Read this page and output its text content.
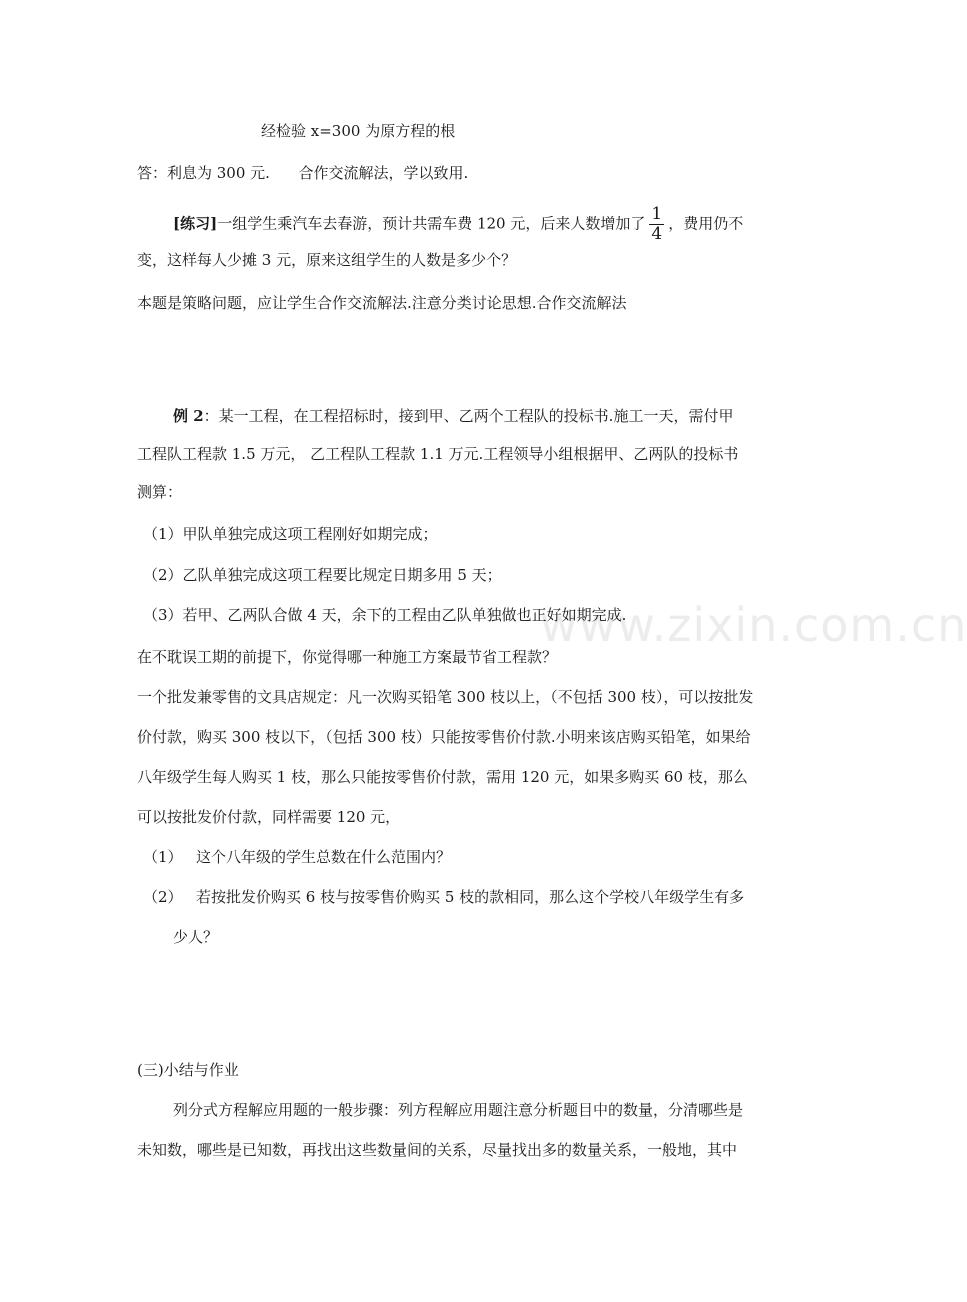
www.zixin.com.cn
经检验 x=300 为原方程的根
答：利息为 300 元.      合作交流解法，学以致用.
[练习]一组学生乘汽车去春游，预计共需车费 120 元，后来人数增加了 $\frac{1}{4}$ ，费用仍不
变，这样每人少摊 3 元，原来这组学生的人数是多少个？
本题是策略问题，应让学生合作交流解法.注意分类讨论思想.合作交流解法
例 2：某一工程，在工程招标时，接到甲、乙两个工程队的投标书.施工一天，需付甲
工程队工程款 1.5 万元， 乙工程队工程款 1.1 万元.工程领导小组根据甲、乙两队的投标书
测算：
（1）甲队单独完成这项工程刚好如期完成；
（2）乙队单独完成这项工程要比规定日期多用 5 天；
（3）若甲、乙两队合做 4 天，余下的工程由乙队单独做也正好如期完成.
在不耽误工期的前提下，你觉得哪一种施工方案最节省工程款？
一个批发兼零售的文具店规定：凡一次购买铅笔 300 枝以上，（不包括 300 枝），可以按批发
价付款，购买 300 枝以下，（包括 300 枝）只能按零售价付款.小明来该店购买铅笔，如果给
八年级学生每人购买 1 枝，那么只能按零售价付款，需用 120 元，如果多购买 60 枝，那么
可以按批发价付款，同样需要 120 元，
（1） 这个八年级的学生总数在什么范围内？
（2） 若按批发价购买 6 枝与按零售价购买 5 枝的款相同，那么这个学校八年级学生有多
少人？
(三)小结与作业
列分式方程解应用题的一般步骤：列方程解应用题注意分析题目中的数量，分清哪些是
未知数，哪些是已知数，再找出这些数量间的关系，尽量找出多的数量关系，一般地，其中
